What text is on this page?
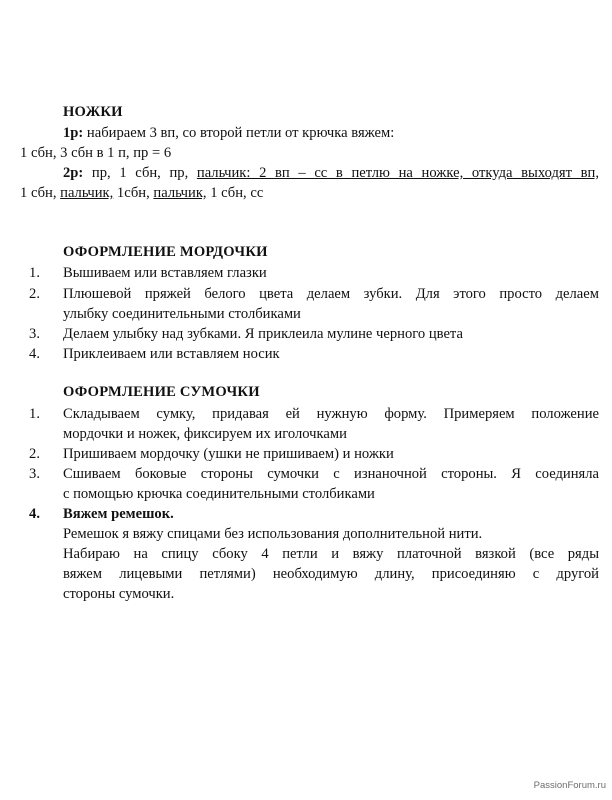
НОЖКИ
1р: набираем 3 вп, со второй петли от крючка вяжем:
1 сбн, 3 сбн в 1 п, пр = 6
2р: пр, 1 сбн, пр, пальчик: 2 вп – сс в петлю на ножке, откуда выходят вп,
1 сбн, пальчик, 1сбн, пальчик, 1 сбн, сс
ОФОРМЛЕНИЕ МОРДОЧКИ
1. Вышиваем или вставляем глазки
2. Плюшевой пряжей белого цвета делаем зубки. Для этого просто делаем
улыбку соединительными столбиками
3. Делаем улыбку над зубками. Я приклеила мулине черного цвета
4. Приклеиваем или вставляем носик
ОФОРМЛЕНИЕ СУМОЧКИ
1. Складываем сумку, придавая ей нужную форму. Примеряем положение
мордочки и ножек, фиксируем их иголочками
2. Пришиваем мордочку (ушки не пришиваем) и ножки
3. Сшиваем боковые стороны сумочки с изнаночной стороны. Я соединяла
с помощью крючка соединительными столбиками
4. Вяжем ремешок.
Ремешок я вяжу спицами без использования дополнительной нити.
Набираю на спицу сбоку 4 петли и вяжу платочной вязкой (все ряды
вяжем лицевыми петлями) необходимую длину, присоединяю с другой
стороны сумочки.
PassionForum.ru
